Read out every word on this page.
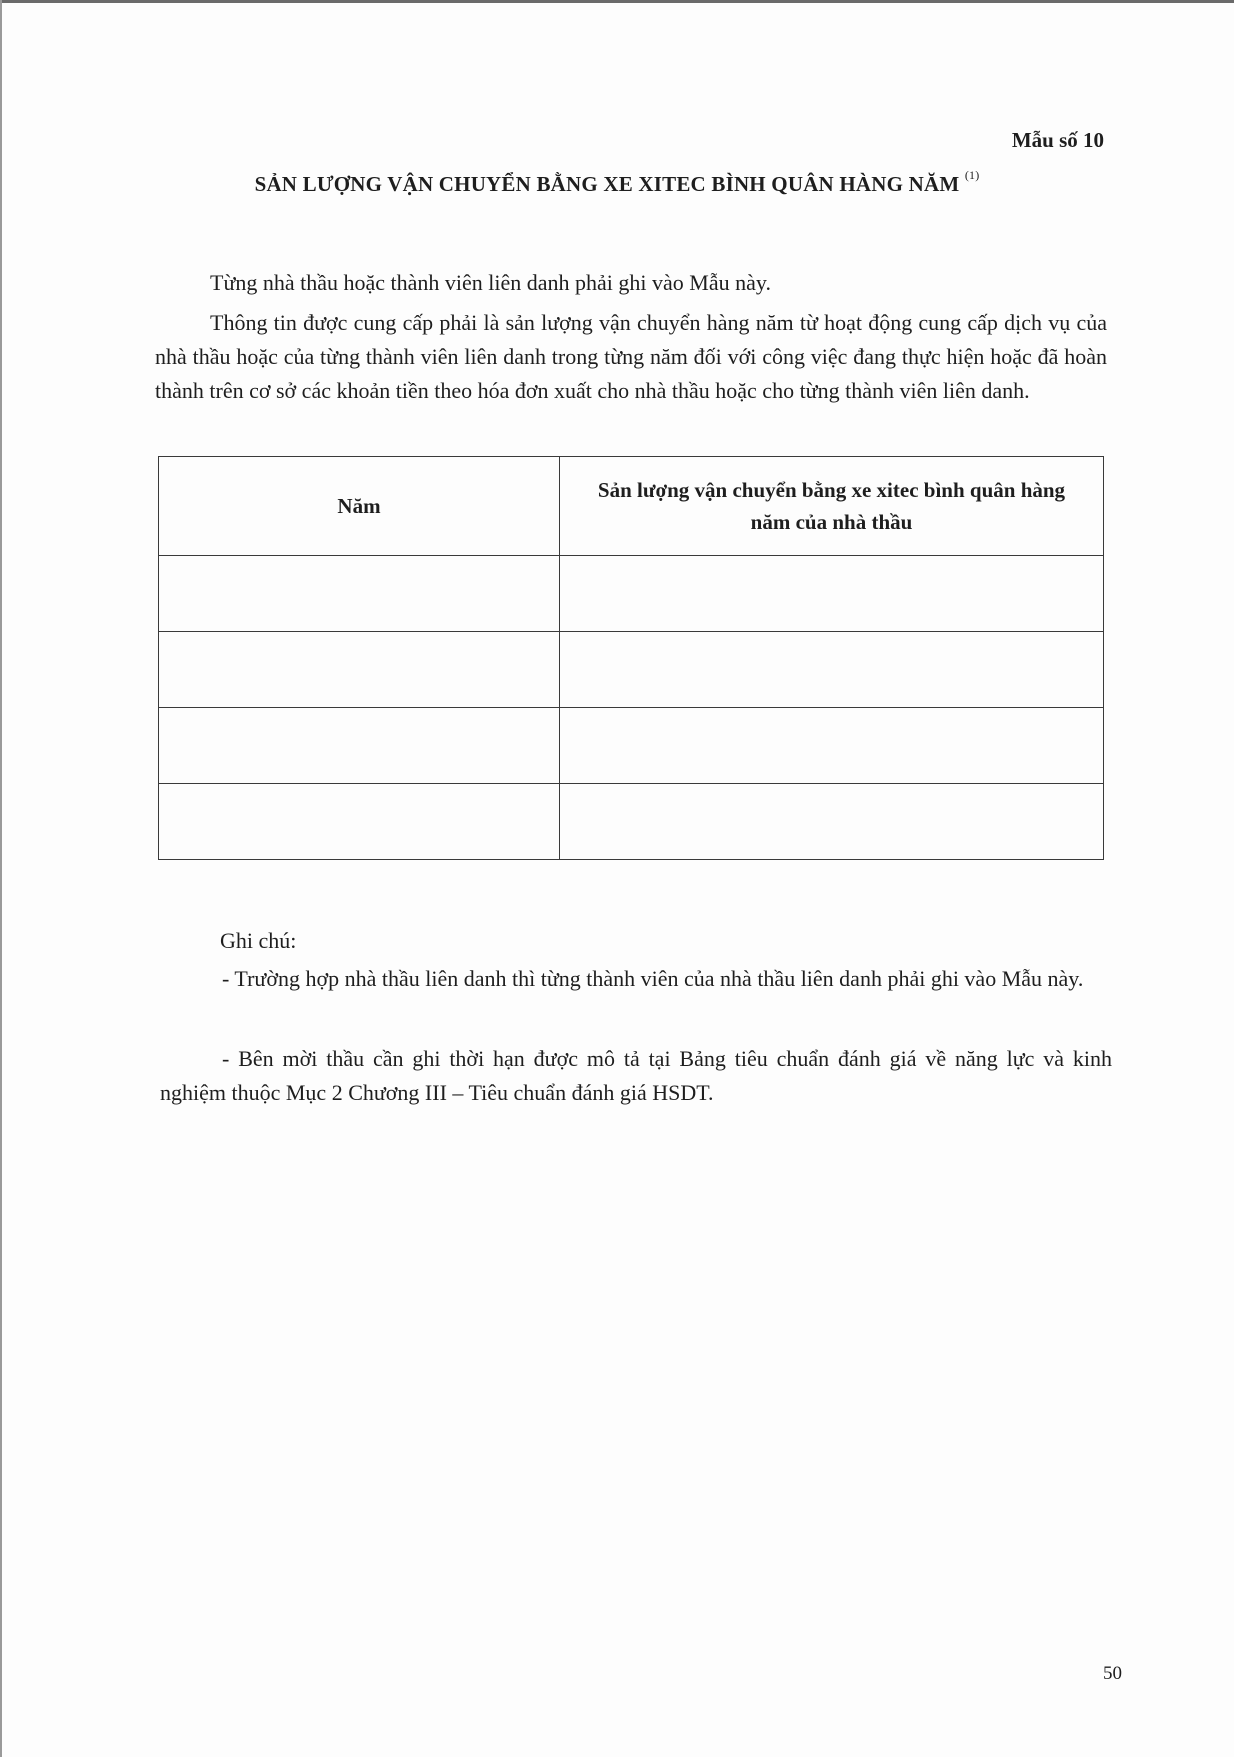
Mẫu số 10
SẢN LƯỢNG VẬN CHUYỂN BẰNG XE XITEC BÌNH QUÂN HÀNG NĂM $^{(1)}$
Từng nhà thầu hoặc thành viên liên danh phải ghi vào Mẫu này.
Thông tin được cung cấp phải là sản lượng vận chuyển hàng năm từ hoạt động cung cấp dịch vụ của nhà thầu hoặc của từng thành viên liên danh trong từng năm đối với công việc đang thực hiện hoặc đã hoàn thành trên cơ sở các khoản tiền theo hóa đơn xuất cho nhà thầu hoặc cho từng thành viên liên danh.
Năm	Sản lượng vận chuyển bằng xe xitec bình quân hàng năm của nhà thầu

Ghi chú:
- Trường hợp nhà thầu liên danh thì từng thành viên của nhà thầu liên danh phải ghi vào Mẫu này.
- Bên mời thầu cần ghi thời hạn được mô tả tại Bảng tiêu chuẩn đánh giá về năng lực và kinh nghiệm thuộc Mục 2 Chương III – Tiêu chuẩn đánh giá HSDT.
50
